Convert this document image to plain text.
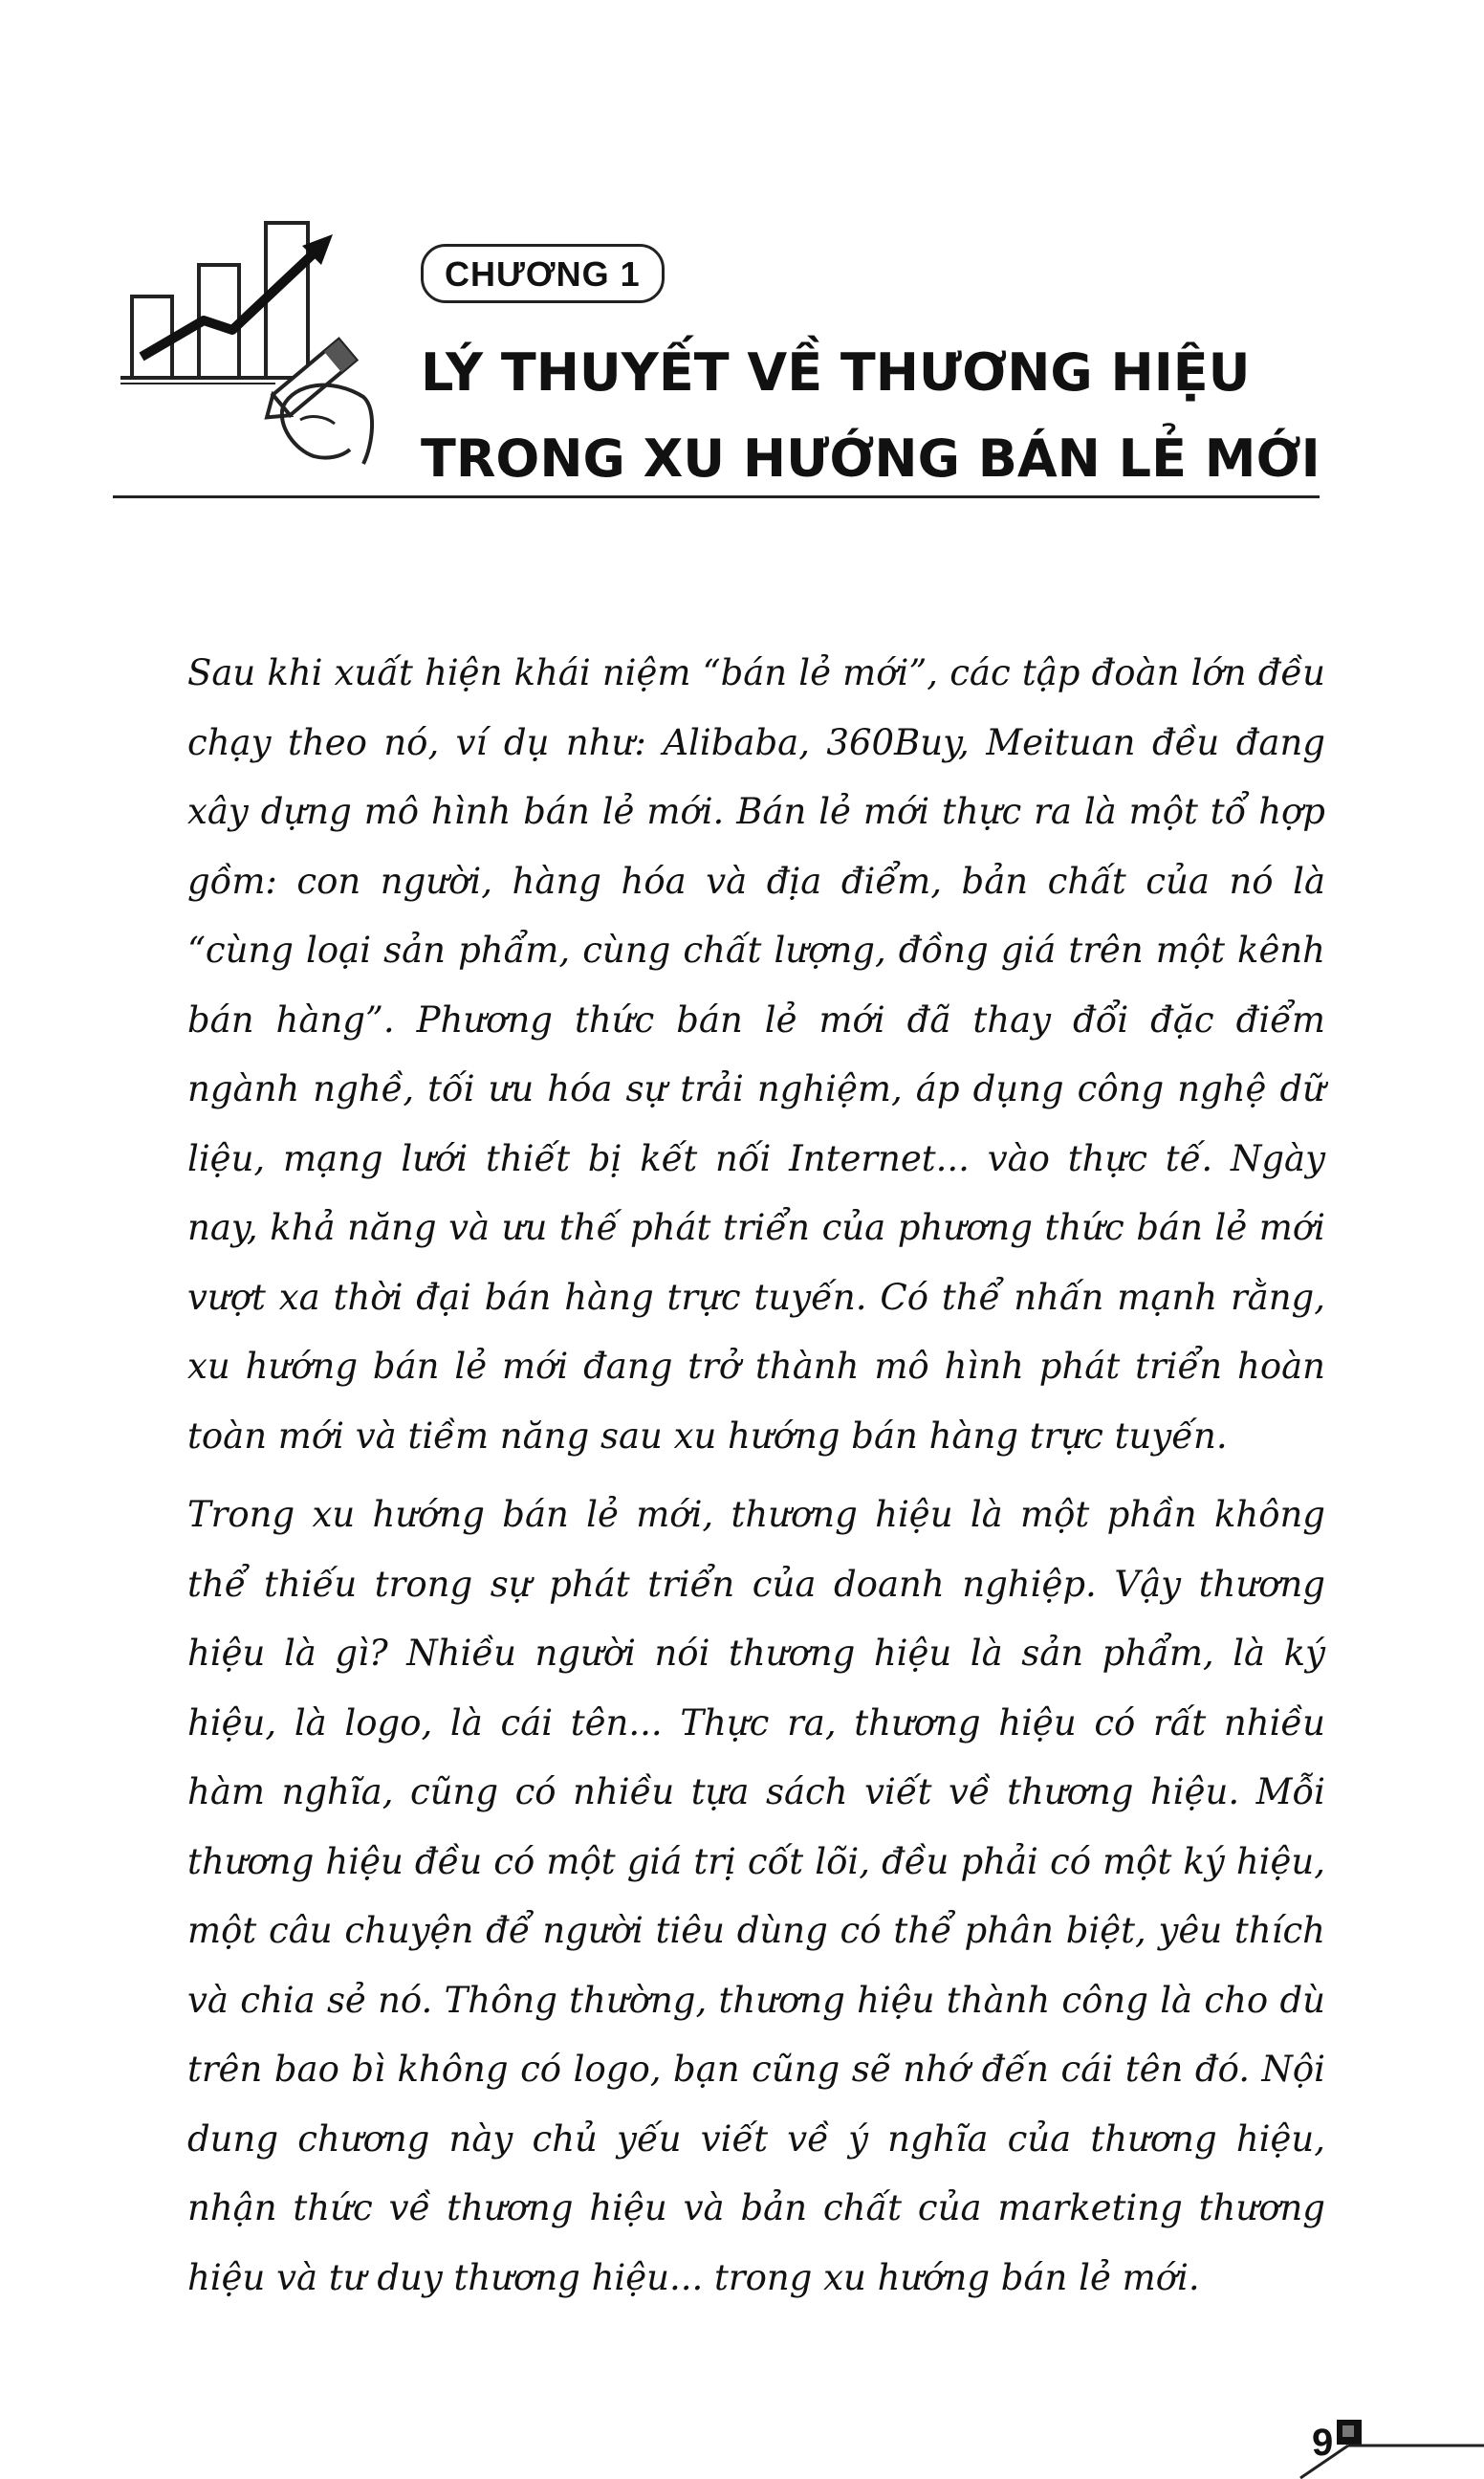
CHƯƠNG 1
LÝ THUYẾT VỀ THƯƠNG HIỆU
TRONG XU HƯỚNG BÁN LẺ MỚI

Sau khi xuất hiện khái niệm “bán lẻ mới”, các tập đoàn lớn đều chạy theo nó, ví dụ như: Alibaba, 360Buy, Meituan đều đang xây dựng mô hình bán lẻ mới. Bán lẻ mới thực ra là một tổ hợp gồm: con người, hàng hóa và địa điểm, bản chất của nó là “cùng loại sản phẩm, cùng chất lượng, đồng giá trên một kênh bán hàng”. Phương thức bán lẻ mới đã thay đổi đặc điểm ngành nghề, tối ưu hóa sự trải nghiệm, áp dụng công nghệ dữ liệu, mạng lưới thiết bị kết nối Internet... vào thực tế. Ngày nay, khả năng và ưu thế phát triển của phương thức bán lẻ mới vượt xa thời đại bán hàng trực tuyến. Có thể nhấn mạnh rằng, xu hướng bán lẻ mới đang trở thành mô hình phát triển hoàn toàn mới và tiềm năng sau xu hướng bán hàng trực tuyến.

Trong xu hướng bán lẻ mới, thương hiệu là một phần không thể thiếu trong sự phát triển của doanh nghiệp. Vậy thương hiệu là gì? Nhiều người nói thương hiệu là sản phẩm, là ký hiệu, là logo, là cái tên... Thực ra, thương hiệu có rất nhiều hàm nghĩa, cũng có nhiều tựa sách viết về thương hiệu. Mỗi thương hiệu đều có một giá trị cốt lõi, đều phải có một ký hiệu, một câu chuyện để người tiêu dùng có thể phân biệt, yêu thích và chia sẻ nó. Thông thường, thương hiệu thành công là cho dù trên bao bì không có logo, bạn cũng sẽ nhớ đến cái tên đó. Nội dung chương này chủ yếu viết về ý nghĩa của thương hiệu, nhận thức về thương hiệu và bản chất của marketing thương hiệu và tư duy thương hiệu... trong xu hướng bán lẻ mới.

9
